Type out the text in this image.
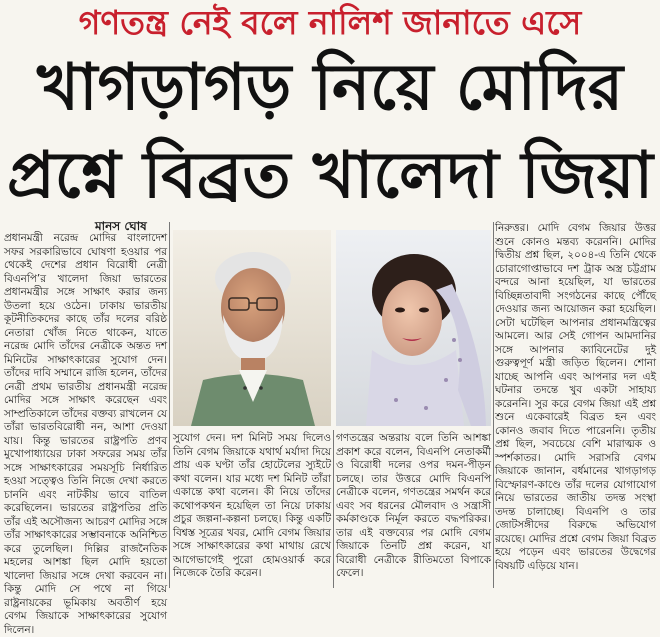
গণতন্ত্র নেই বলে নালিশ জানাতে এসে
খাগড়াগড় নিয়ে মোদির
প্রশ্নে বিব্রত খালেদা জিয়া
মানস ঘোষ
প্রধানমন্ত্রী নরেন্দ্র মোদির বাংলাদেশ সফর সরকারিভাবে ঘোষণা হওয়ার পর থেকেই দেশের প্রধান বিরোধী নেত্রী বিএনপি’র খালেদা জিয়া ভারতের প্রধানমন্ত্রীর সঙ্গে সাক্ষাৎ করার জন্য উতলা হয়ে ওঠেন। ঢাকায় ভারতীয় কূটনীতিকদের কাছে তাঁর দলের বরিষ্ঠ নেতারা খোঁজ নিতে থাকেন, যাতে নরেন্দ্র মোদি তাঁদের নেত্রীকে অন্তত দশ মিনিটের সাক্ষাৎকারের সুযোগ দেন। তাঁদের দাবি সম্মানে রাজি হলেন, তাঁদের নেত্রী প্রথম ভারতীয় প্রধানমন্ত্রী নরেন্দ্র মোদির সঙ্গে সাক্ষাৎ করেছেন এবং সাম্প্রতিকালে তাঁদের বক্তব্য রাখলেন যে তাঁরা ভারতবিরোধী নন, আশা দেওয়া যায়। কিন্তু ভারতের রাষ্ট্রপতি প্রণব মুখোপাধ্যায়ের ঢাকা সফরের সময় তাঁর সঙ্গে সাক্ষাৎকারের সময়সূচি নির্ধারিত হওয়া সত্ত্বেও তিনি নিজে দেখা করতে চাননি এবং নাটকীয় ভাবে বাতিল করেছিলেন। ভারতের রাষ্ট্রপতির প্রতি তাঁর এই অসৌজন্য আচরণ মোদির সঙ্গে তাঁর সাক্ষাৎকারের সম্ভাবনাকে অনিশ্চিত করে তুলেছিল। দিল্লির রাজনৈতিক মহলের আশঙ্কা ছিল মোদি হয়তো খালেদা জিয়ার সঙ্গে দেখা করবেন না। কিন্তু মোদি সে পথে না গিয়ে রাষ্ট্রনায়কের ভূমিকায় অবতীর্ণ হয়ে বেগম জিয়াকে সাক্ষাৎকারের সুযোগ দিলেন।
সুযোগ দেন। দশ মিনিট সময় দিলেও তিনি বেগম জিয়াকে যথার্থ মর্যাদা দিয়ে প্রায় এক ঘণ্টা তাঁর হোটেলের স্যুইটে কথা বলেন। যার মধ্যে দশ মিনিট তাঁরা একান্তে কথা বলেন। কী নিয়ে তাঁদের কথোপকথন হয়েছিল তা নিয়ে ঢাকায় প্রচুর জল্পনা-কল্পনা চলছে। কিন্তু একটি বিশ্বস্ত সূত্রের খবর, মোদি বেগম জিয়ার সঙ্গে সাক্ষাৎকারের কথা মাথায় রেখে আগেভাগেই পুরো হোমওয়ার্ক করে নিজেকে তৈরি করেন।
গণতন্ত্রের অন্তরায় বলে তিনি আশঙ্কা প্রকাশ করে বলেন, বিএনপি নেতাকর্মী ও বিরোধী দলের ওপর দমন-পীড়ন চলছে। তার উত্তরে মোদি বিএনপি নেত্রীকে বলেন, গণতন্ত্রের সমর্থন করে এবং সব ধরনের মৌলবাদ ও সন্ত্রাসী কর্মকাণ্ডকে নির্মূল করতে বদ্ধপরিকর। তার এই বক্তব্যের পর মোদি বেগম জিয়াকে তিনটি প্রশ্ন করেন, যা বিরোধী নেত্রীকে রীতিমতো বিপাকে ফেলে।
নিরুত্তর। মোদি বেগম জিয়ার উত্তর শুনে কোনও মন্তব্য করেননি। মোদির দ্বিতীয় প্রশ্ন ছিল, ২০০৪-এ তিনি থেকে চোরাগোপ্তাভাবে দশ ট্রাক অস্ত্র চট্টগ্রাম বন্দরে আনা হয়েছিল, যা ভারতের বিচ্ছিন্নতাবাদী সংগঠনের কাছে পৌঁছে দেওয়ার জন্য আয়োজন করা হয়েছিল। সেটা ঘটেছিল আপনার প্রধানমন্ত্রিত্বের আমলে। আর সেই গোপন আমদানির সঙ্গে আপনার ক্যাবিনেটের দুই গুরুত্বপূর্ণ মন্ত্রী জড়িত ছিলেন। শোনা যাচ্ছে আপনি এবং আপনার দল এই ঘটনার তদন্তে খুব একটা সাহায্য করেননি। সুর করে বেগম জিয়া এই প্রশ্ন শুনে একেবারেই বিব্রত হন এবং কোনও জবাব দিতে পারেননি। তৃতীয় প্রশ্ন ছিল, সবচেয়ে বেশি মারাত্মক ও স্পর্শকাতর। মোদি সরাসরি বেগম জিয়াকে জানান, বর্ধমানের খাগড়াগড় বিস্ফোরণ-কাণ্ডে তাঁর দলের যোগাযোগ নিয়ে ভারতের জাতীয় তদন্ত সংস্থা তদন্ত চালাচ্ছে। বিএনপি ও তার জোটসঙ্গীদের বিরুদ্ধে অভিযোগ রয়েছে। মোদির প্রশ্নে বেগম জিয়া বিব্রত হয়ে পড়েন এবং ভারতের উদ্বেগের বিষয়টি এড়িয়ে যান।
